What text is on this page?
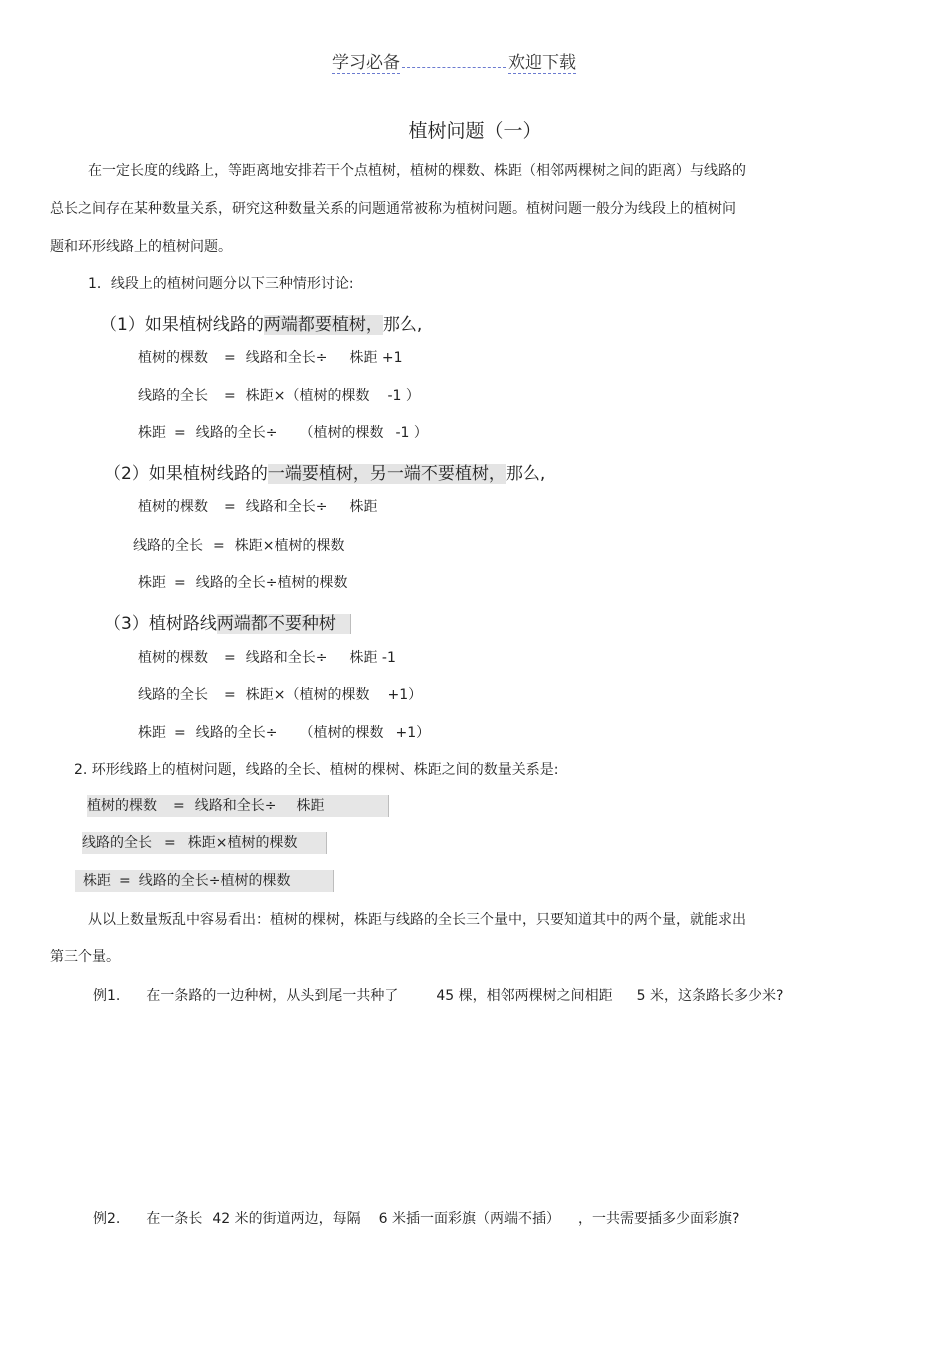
学习必备	欢迎下载
植树问题（一）
在一定长度的线路上，等距离地安排若干个点植树，植树的棵数、株距（相邻两棵树之间的距离）与线路的
总长之间存在某种数量关系，研究这种数量关系的问题通常被称为植树问题。植树问题一般分为线段上的植树问
题和环形线路上的植树问题。
1．线段上的植树问题分以下三种情形讨论:
（1）如果植树线路的两端都要植树，那么,
植树的棵数 = 线路和全长÷ 株距 +1
线路的全长 = 株距×（植树的棵数 -1 ）
株距 = 线路的全长÷ （植树的棵数 -1 ）
（2）如果植树线路的一端要植树，另一端不要植树，那么,
植树的棵数 = 线路和全长÷ 株距
线路的全长 = 株距×植树的棵数
株距 = 线路的全长÷植树的棵数
（3）植树路线两端都不要种树
植树的棵数 = 线路和全长÷ 株距 -1
线路的全长 = 株距×（植树的棵数 +1）
株距 = 线路的全长÷ （植树的棵数 +1）
2. 环形线路上的植树问题，线路的全长、植树的棵树、株距之间的数量关系是:
植树的棵数 = 线路和全长÷ 株距
线路的全长 = 株距×植树的棵数
株距 = 线路的全长÷植树的棵数
从以上数量叛乱中容易看出：植树的棵树，株距与线路的全长三个量中，只要知道其中的两个量，就能求出
第三个量。
例1. 在一条路的一边种树，从头到尾一共种了	45 棵，相邻两棵树之间相距 5 米，这条路长多少米?
例2. 在一条长 42 米的街道两边，每隔 6 米插一面彩旗（两端不插） ，一共需要插多少面彩旗?
